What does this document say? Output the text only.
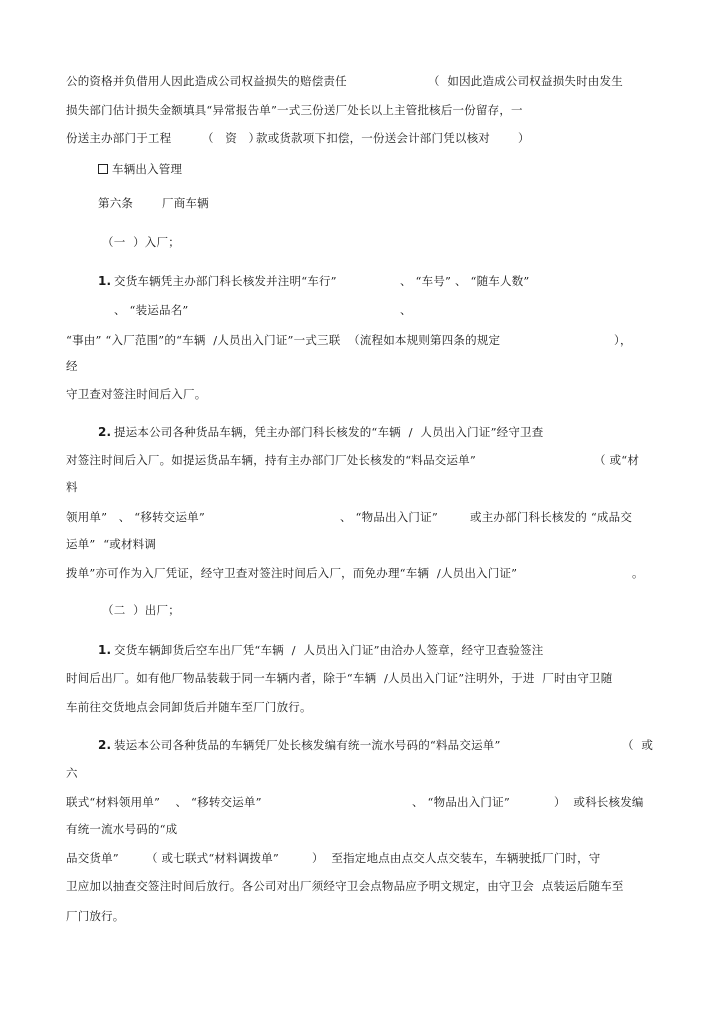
公的资格并负借用人因此造成公司权益损失的赔偿责任	（  如因此造成公司权益损失时由发生
损失部门估计损失金额填具“异常报告单”一式三份送厂处长以上主管批核后一份留存，一
份送主办部门于工程	（   资   ）
款或货款项下扣偿，一份送会计部门凭以核对 ）
车辆出入管理
第六条	厂商车辆
（一  ）入厂；
1. 交货车辆凭主办部门科长核发并注明“车行”	、 “车号” 、 “随车人数”
、 “装运品名”	、
“事由” “入厂范围”的“车辆  /人员出入门证”一式三联  （流程如本规则第四条的规定	），
经
守卫查对签注时间后入厂。
2. 提运本公司各种货品车辆，凭主办部门科长核发的“车辆  /  人员出入门证”经守卫查
对签注时间后入厂。如提运货品车辆，持有主办部门厂处长核发的“料品交运单”	（ 或“材
料
领用单”   、 “移转交运单”	、 “物品出入门证”	或主办部门科长核发的 “成品交
运单”  “或材料调
拨单”亦可作为入厂凭证，经守卫查对签注时间后入厂，而免办理“车辆  /人员出入门证”	。
（二  ）出厂；
1. 交货车辆卸货后空车出厂凭“车辆  /  人员出入门证”由洽办人签章，经守卫查验签注
时间后出厂。如有他厂物品装载于同一车辆内者，除于“车辆  /人员出入门证”注明外，于进  厂时由守卫随
车前往交货地点会同卸货后并随车至厂门放行。
2. 装运本公司各种货品的车辆凭厂处长核发编有统一流水号码的“料品交运单”	（  或
六
联式“材料领用单”    、 “移转交运单”	、 “物品出入门证”	）  或科长核发编
有统一流水号码的“成
品交货单” （ 或七联式“材料调拨单”	）  至指定地点由点交人点交装车，车辆驶抵厂门时，守
卫应加以抽查交签注时间后放行。各公司对出厂须经守卫会点物品应予明文规定，由守卫会  点装运后随车至
厂门放行。
